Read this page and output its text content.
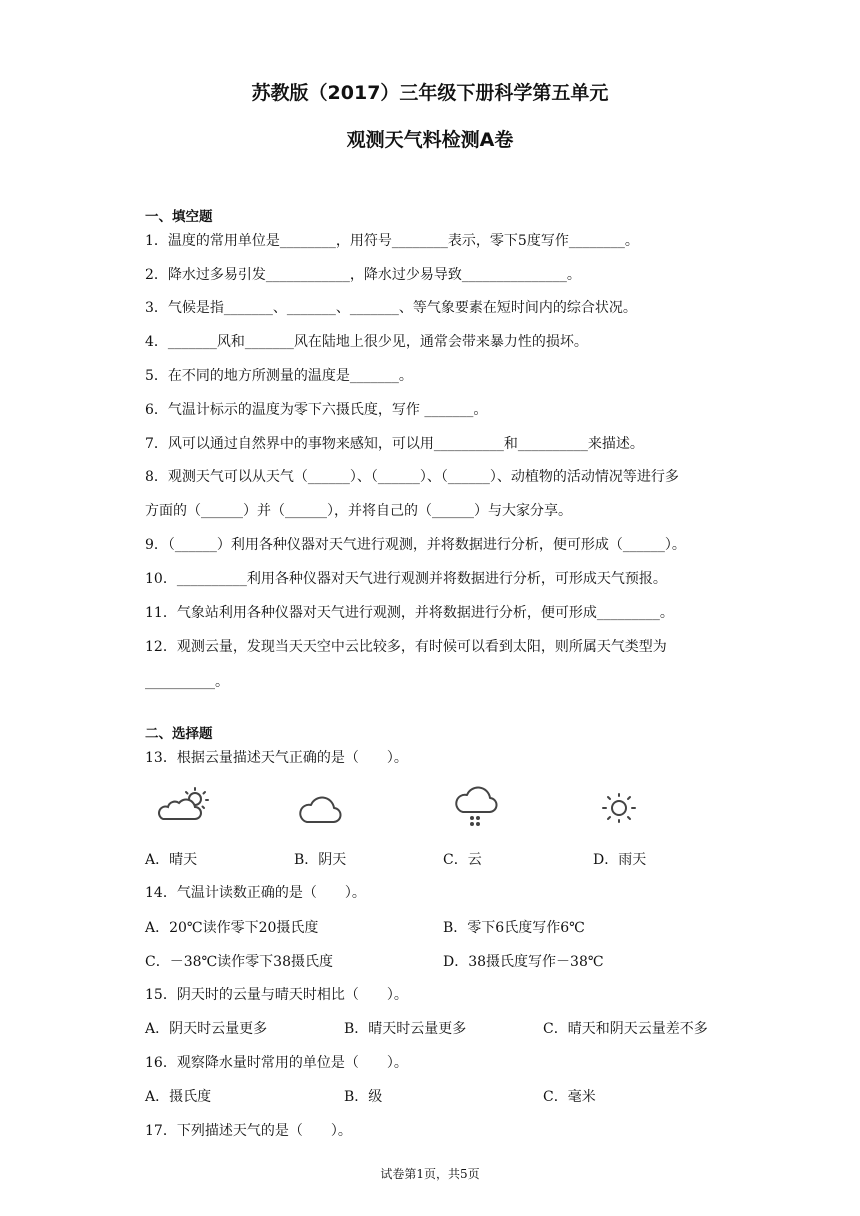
苏教版（2017）三年级下册科学第五单元
观测天气料检测A卷
一、填空题
1．温度的常用单位是________，用符号________表示，零下5度写作________。
2．降水过多易引发____________，降水过少易导致_______________。
3．气候是指_______、_______、_______、等气象要素在短时间内的综合状况。
4．_______风和_______风在陆地上很少见，通常会带来暴力性的损坏。
5．在不同的地方所测量的温度是_______。
6．气温计标示的温度为零下六摄氏度，写作 _______。
7．风可以通过自然界中的事物来感知，可以用__________和__________来描述。
8．观测天气可以从天气（______）、（______）、（______）、动植物的活动情况等进行多
方面的（______）并（______），并将自己的（______）与大家分享。
9．（______）利用各种仪器对天气进行观测，并将数据进行分析，便可形成（______）。
10．__________利用各种仪器对天气进行观测并将数据进行分析，可形成天气预报。
11．气象站利用各种仪器对天气进行观测，并将数据进行分析，便可形成_________。
12．观测云量，发现当天天空中云比较多，有时候可以看到太阳，则所属天气类型为
__________。
二、选择题
13．根据云量描述天气正确的是（　　）。
A．晴天	B．阴天	C．云	D．雨天
14．气温计读数正确的是（　　）。
A．20℃读作零下20摄氏度	B．零下6氏度写作6℃
C．－38℃读作零下38摄氏度	D．38摄氏度写作－38℃
15．阴天时的云量与晴天时相比（　　）。
A．阴天时云量更多	B．晴天时云量更多	C．晴天和阴天云量差不多
16．观察降水量时常用的单位是（　　）。
A．摄氏度	B．级	C．毫米
17．下列描述天气的是（　　）。
试卷第1页，共5页
